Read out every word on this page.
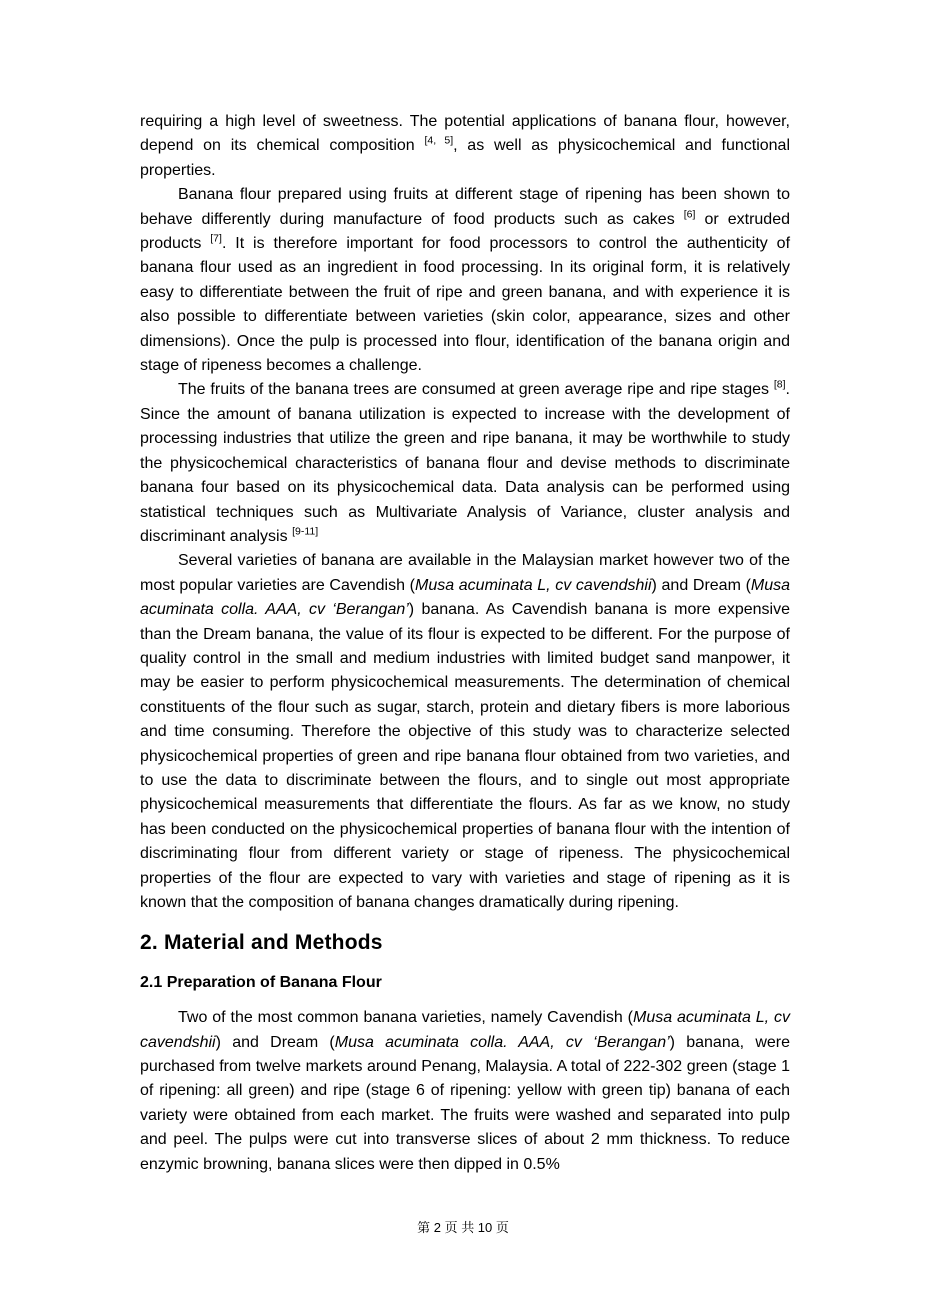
requiring a high level of sweetness. The potential applications of banana flour, however, depend on its chemical composition [4, 5], as well as physicochemical and functional properties.

Banana flour prepared using fruits at different stage of ripening has been shown to behave differently during manufacture of food products such as cakes [6] or extruded products [7]. It is therefore important for food processors to control the authenticity of banana flour used as an ingredient in food processing. In its original form, it is relatively easy to differentiate between the fruit of ripe and green banana, and with experience it is also possible to differentiate between varieties (skin color, appearance, sizes and other dimensions). Once the pulp is processed into flour, identification of the banana origin and stage of ripeness becomes a challenge.

The fruits of the banana trees are consumed at green average ripe and ripe stages [8]. Since the amount of banana utilization is expected to increase with the development of processing industries that utilize the green and ripe banana, it may be worthwhile to study the physicochemical characteristics of banana flour and devise methods to discriminate banana four based on its physicochemical data. Data analysis can be performed using statistical techniques such as Multivariate Analysis of Variance, cluster analysis and discriminant analysis [9-11]

Several varieties of banana are available in the Malaysian market however two of the most popular varieties are Cavendish (Musa acuminata L, cv cavendshii) and Dream (Musa acuminata colla. AAA, cv ‘Berangan’) banana. As Cavendish banana is more expensive than the Dream banana, the value of its flour is expected to be different. For the purpose of quality control in the small and medium industries with limited budget sand manpower, it may be easier to perform physicochemical measurements. The determination of chemical constituents of the flour such as sugar, starch, protein and dietary fibers is more laborious and time consuming. Therefore the objective of this study was to characterize selected physicochemical properties of green and ripe banana flour obtained from two varieties, and to use the data to discriminate between the flours, and to single out most appropriate physicochemical measurements that differentiate the flours. As far as we know, no study has been conducted on the physicochemical properties of banana flour with the intention of discriminating flour from different variety or stage of ripeness. The physicochemical properties of the flour are expected to vary with varieties and stage of ripening as it is known that the composition of banana changes dramatically during ripening.

2. Material and Methods
2.1 Preparation of Banana Flour

Two of the most common banana varieties, namely Cavendish (Musa acuminata L, cv cavendshii) and Dream (Musa acuminata colla. AAA, cv ‘Berangan’) banana, were purchased from twelve markets around Penang, Malaysia. A total of 222-302 green (stage 1 of ripening: all green) and ripe (stage 6 of ripening: yellow with green tip) banana of each variety were obtained from each market. The fruits were washed and separated into pulp and peel. The pulps were cut into transverse slices of about 2 mm thickness. To reduce enzymic browning, banana slices were then dipped in 0.5%

第 2 页 共 10 页
